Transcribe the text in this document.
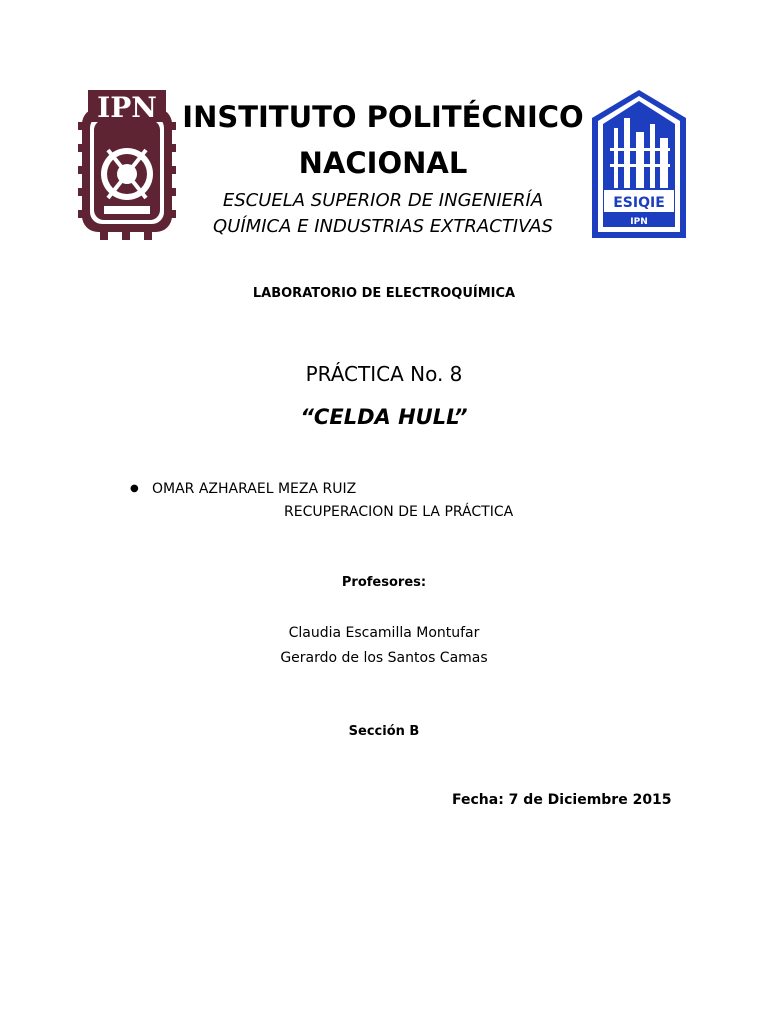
IPN
ESIQIE
IPN
INSTITUTO POLITÉCNICO
NACIONAL
ESCUELA SUPERIOR DE INGENIERÍA
QUÍMICA E INDUSTRIAS EXTRACTIVAS
LABORATORIO DE ELECTROQUÍMICA
PRÁCTICA No. 8
“CELDA HULL”
● OMAR AZHARAEL MEZA RUIZ
RECUPERACION DE LA PRÁCTICA
Profesores:
Claudia Escamilla Montufar
Gerardo de los Santos Camas
Sección B
Fecha: 7 de Diciembre 2015
